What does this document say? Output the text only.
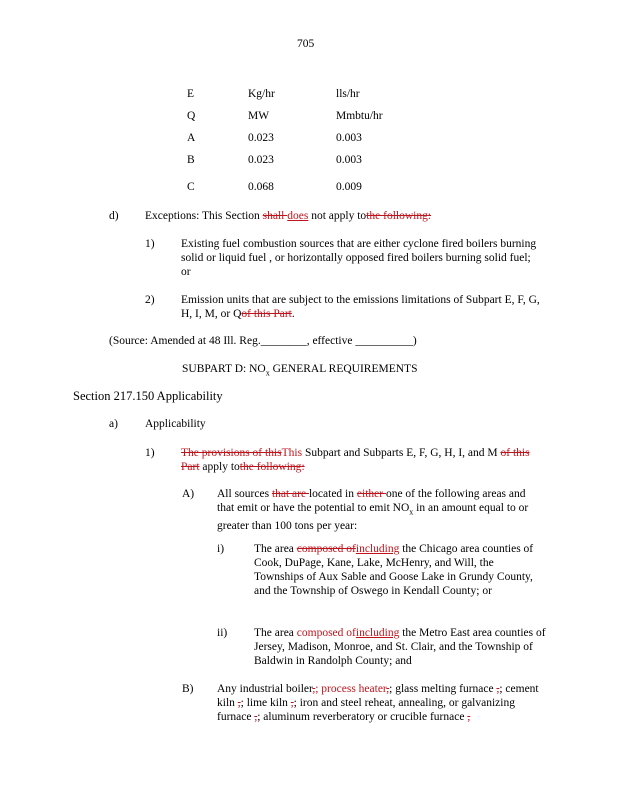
705
E	Kg/hr	lls/hr
Q	MW	Mmbtu/hr
A	0.023	0.003
B	0.023	0.003
C	0.068	0.009
d) Exceptions: This Section shall does not apply tothe following:
1) Existing fuel combustion sources that are either cyclone fired boilers burning solid or liquid fuel , or horizontally opposed fired boilers burning solid fuel; or
2) Emission units that are subject to the emissions limitations of Subpart E, F, G, H, I, M, or Qof this Part.
(Source: Amended at 48 Ill. Reg.________, effective __________)
SUBPART D: $NO_x$ GENERAL REQUIREMENTS
Section 217.150 Applicability
a) Applicability
1) The provisions of thisThis Subpart and Subparts E, F, G, H, I, and M of this Part apply tothe following:
A) All sources that are located in either one of the following areas and that emit or have the potential to emit $NO_x$ in an amount equal to or greater than 100 tons per year:
i)	The area composed ofincluding the Chicago area counties of Cook, DuPage, Kane, Lake, McHenry, and Will, the Townships of Aux Sable and Goose Lake in Grundy County, and the Township of Oswego in Kendall County; or
ii) The area composed ofincluding the Metro East area counties of Jersey, Madison, Monroe, and St. Clair, and the Township of Baldwin in Randolph County; and
B) Any industrial boiler,; process heater,; glass melting furnace ,; cement kiln ,; lime kiln ,; iron and steel reheat, annealing, or galvanizing furnace ,; aluminum reverberatory or crucible furnace ,
